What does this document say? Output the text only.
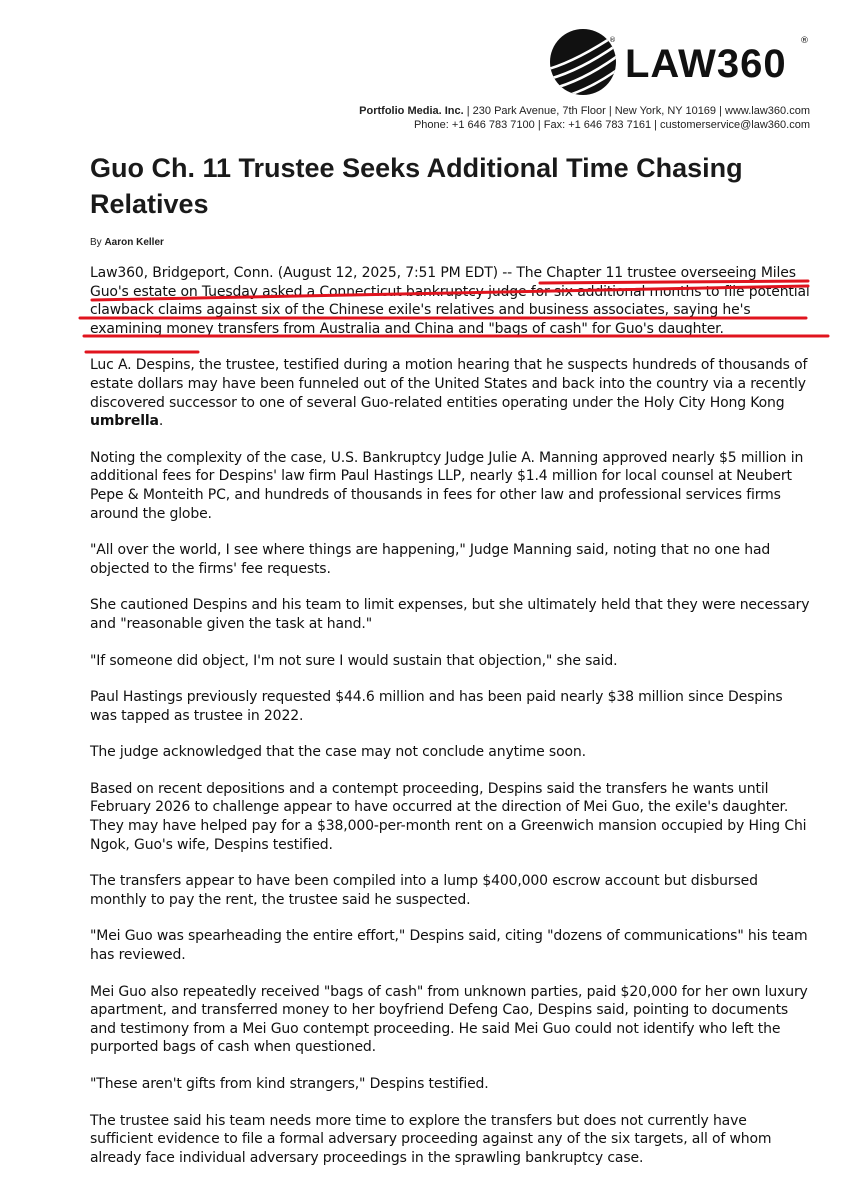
®
LAW360
®
Portfolio Media. Inc. | 230 Park Avenue, 7th Floor | New York, NY 10169 | www.law360.com
Phone: +1 646 783 7100 | Fax: +1 646 783 7161 | customerservice@law360.com
Guo Ch. 11 Trustee Seeks Additional Time Chasing Relatives
By Aaron Keller

Law360, Bridgeport, Conn. (August 12, 2025, 7:51 PM EDT) -- The Chapter 11 trustee overseeing Miles Guo's estate on Tuesday asked a Connecticut bankruptcy judge for six additional months to file potential clawback claims against six of the Chinese exile's relatives and business associates, saying he's examining money transfers from Australia and China and "bags of cash" for Guo's daughter.

Luc A. Despins, the trustee, testified during a motion hearing that he suspects hundreds of thousands of estate dollars may have been funneled out of the United States and back into the country via a recently discovered successor to one of several Guo-related entities operating under the Holy City Hong Kong umbrella.

Noting the complexity of the case, U.S. Bankruptcy Judge Julie A. Manning approved nearly $5 million in additional fees for Despins' law firm Paul Hastings LLP, nearly $1.4 million for local counsel at Neubert Pepe & Monteith PC, and hundreds of thousands in fees for other law and professional services firms around the globe.

"All over the world, I see where things are happening," Judge Manning said, noting that no one had objected to the firms' fee requests.

She cautioned Despins and his team to limit expenses, but she ultimately held that they were necessary and "reasonable given the task at hand."

"If someone did object, I'm not sure I would sustain that objection," she said.

Paul Hastings previously requested $44.6 million and has been paid nearly $38 million since Despins was tapped as trustee in 2022.

The judge acknowledged that the case may not conclude anytime soon.

Based on recent depositions and a contempt proceeding, Despins said the transfers he wants until February 2026 to challenge appear to have occurred at the direction of Mei Guo, the exile's daughter. They may have helped pay for a $38,000-per-month rent on a Greenwich mansion occupied by Hing Chi Ngok, Guo's wife, Despins testified.

The transfers appear to have been compiled into a lump $400,000 escrow account but disbursed monthly to pay the rent, the trustee said he suspected.

"Mei Guo was spearheading the entire effort," Despins said, citing "dozens of communications" his team has reviewed.

Mei Guo also repeatedly received "bags of cash" from unknown parties, paid $20,000 for her own luxury apartment, and transferred money to her boyfriend Defeng Cao, Despins said, pointing to documents and testimony from a Mei Guo contempt proceeding. He said Mei Guo could not identify who left the purported bags of cash when questioned.

"These aren't gifts from kind strangers," Despins testified.

The trustee said his team needs more time to explore the transfers but does not currently have sufficient evidence to file a formal adversary proceeding against any of the six targets, all of whom already face individual adversary proceedings in the sprawling bankruptcy case.
